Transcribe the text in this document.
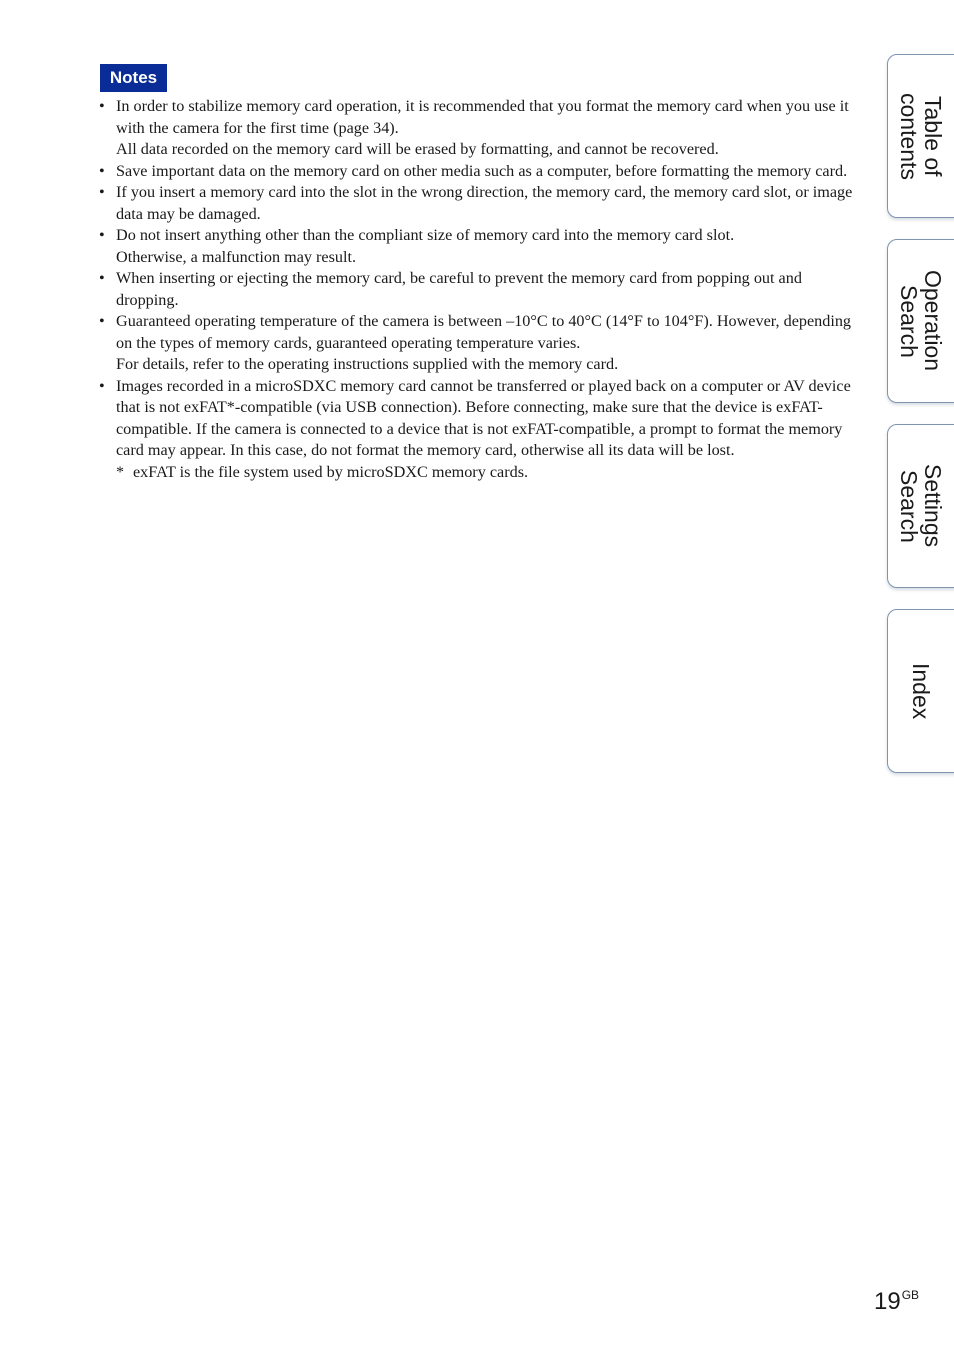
Notes
• In order to stabilize memory card operation, it is recommended that you format the memory card when you use it with the camera for the first time (page 34).
All data recorded on the memory card will be erased by formatting, and cannot be recovered.
• Save important data on the memory card on other media such as a computer, before formatting the memory card.
• If you insert a memory card into the slot in the wrong direction, the memory card, the memory card slot, or image data may be damaged.
• Do not insert anything other than the compliant size of memory card into the memory card slot.
Otherwise, a malfunction may result.
• When inserting or ejecting the memory card, be careful to prevent the memory card from popping out and dropping.
• Guaranteed operating temperature of the camera is between –10°C to 40°C (14°F to 104°F). However, depending on the types of memory cards, guaranteed operating temperature varies.
For details, refer to the operating instructions supplied with the memory card.
• Images recorded in a microSDXC memory card cannot be transferred or played back on a computer or AV device that is not exFAT*-compatible (via USB connection). Before connecting, make sure that the device is exFAT-compatible. If the camera is connected to a device that is not exFAT-compatible, a prompt to format the memory card may appear. In this case, do not format the memory card, otherwise all its data will be lost.
* exFAT is the file system used by microSDXC memory cards.
Table of
contents
Operation
Search
Settings
Search
Index
$19^{GB}$
